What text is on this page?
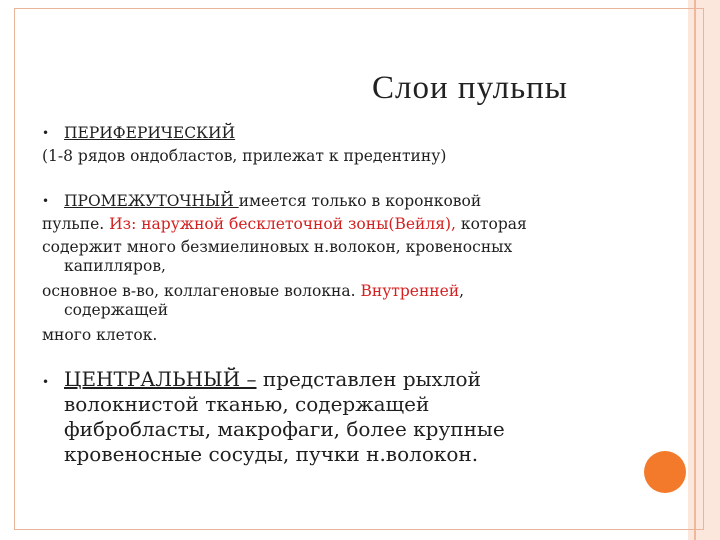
Слои пульпы
• ПЕРИФЕРИЧЕСКИЙ
(1-8 рядов ондобластов, прилежат к предентину)
• ПРОМЕЖУТОЧНЫЙ имеется только в коронковой
пульпе. Из: наружной бесклеточной зоны(Вейля), которая
содержит много безмиелиновых н.волокон, кровеносных
капилляров,
основное в-во, коллагеновые волокна. Внутренней,
содержащей
много клеток.
• ЦЕНТРАЛЬНЫЙ – представлен рыхлой
волокнистой тканью, содержащей
фибробласты, макрофаги, более крупные
кровеносные сосуды, пучки н.волокон.
